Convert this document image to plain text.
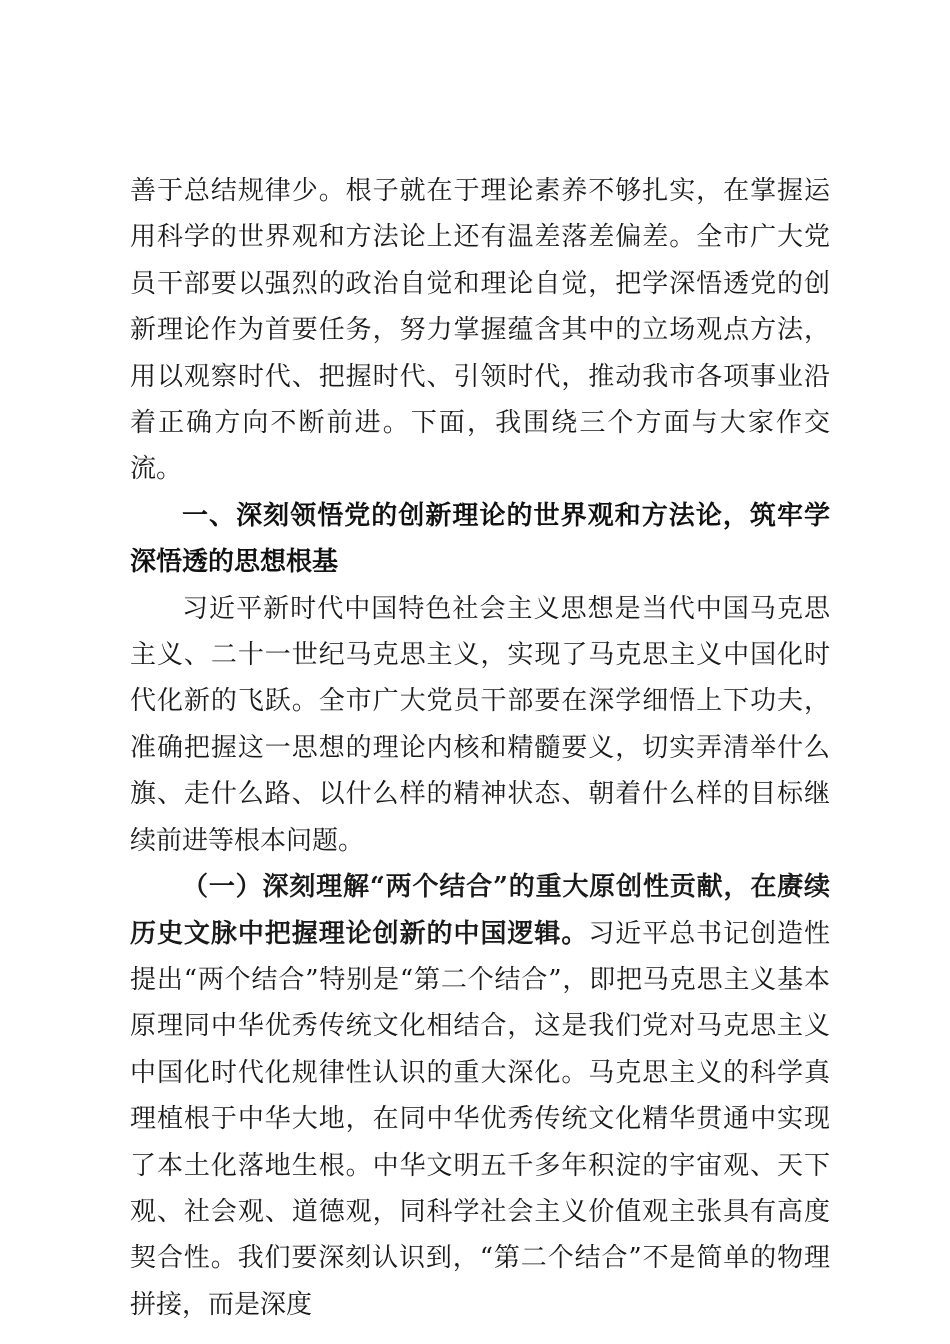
善于总结规律少。根子就在于理论素养不够扎实，在掌握运用科学的世界观和方法论上还有温差落差偏差。全市广大党员干部要以强烈的政治自觉和理论自觉，把学深悟透党的创新理论作为首要任务，努力掌握蕴含其中的立场观点方法，用以观察时代、把握时代、引领时代，推动我市各项事业沿着正确方向不断前进。下面，我围绕三个方面与大家作交流。

一、深刻领悟党的创新理论的世界观和方法论，筑牢学深悟透的思想根基

习近平新时代中国特色社会主义思想是当代中国马克思主义、二十一世纪马克思主义，实现了马克思主义中国化时代化新的飞跃。全市广大党员干部要在深学细悟上下功夫，准确把握这一思想的理论内核和精髓要义，切实弄清举什么旗、走什么路、以什么样的精神状态、朝着什么样的目标继续前进等根本问题。

（一）深刻理解“两个结合”的重大原创性贡献，在赓续历史文脉中把握理论创新的中国逻辑。习近平总书记创造性提出“两个结合”特别是“第二个结合”，即把马克思主义基本原理同中华优秀传统文化相结合，这是我们党对马克思主义中国化时代化规律性认识的重大深化。马克思主义的科学真理植根于中华大地，在同中华优秀传统文化精华贯通中实现了本土化落地生根。中华文明五千多年积淀的宇宙观、天下观、社会观、道德观，同科学社会主义价值观主张具有高度契合性。我们要深刻认识到，“第二个结合”不是简单的物理拼接，而是深度
